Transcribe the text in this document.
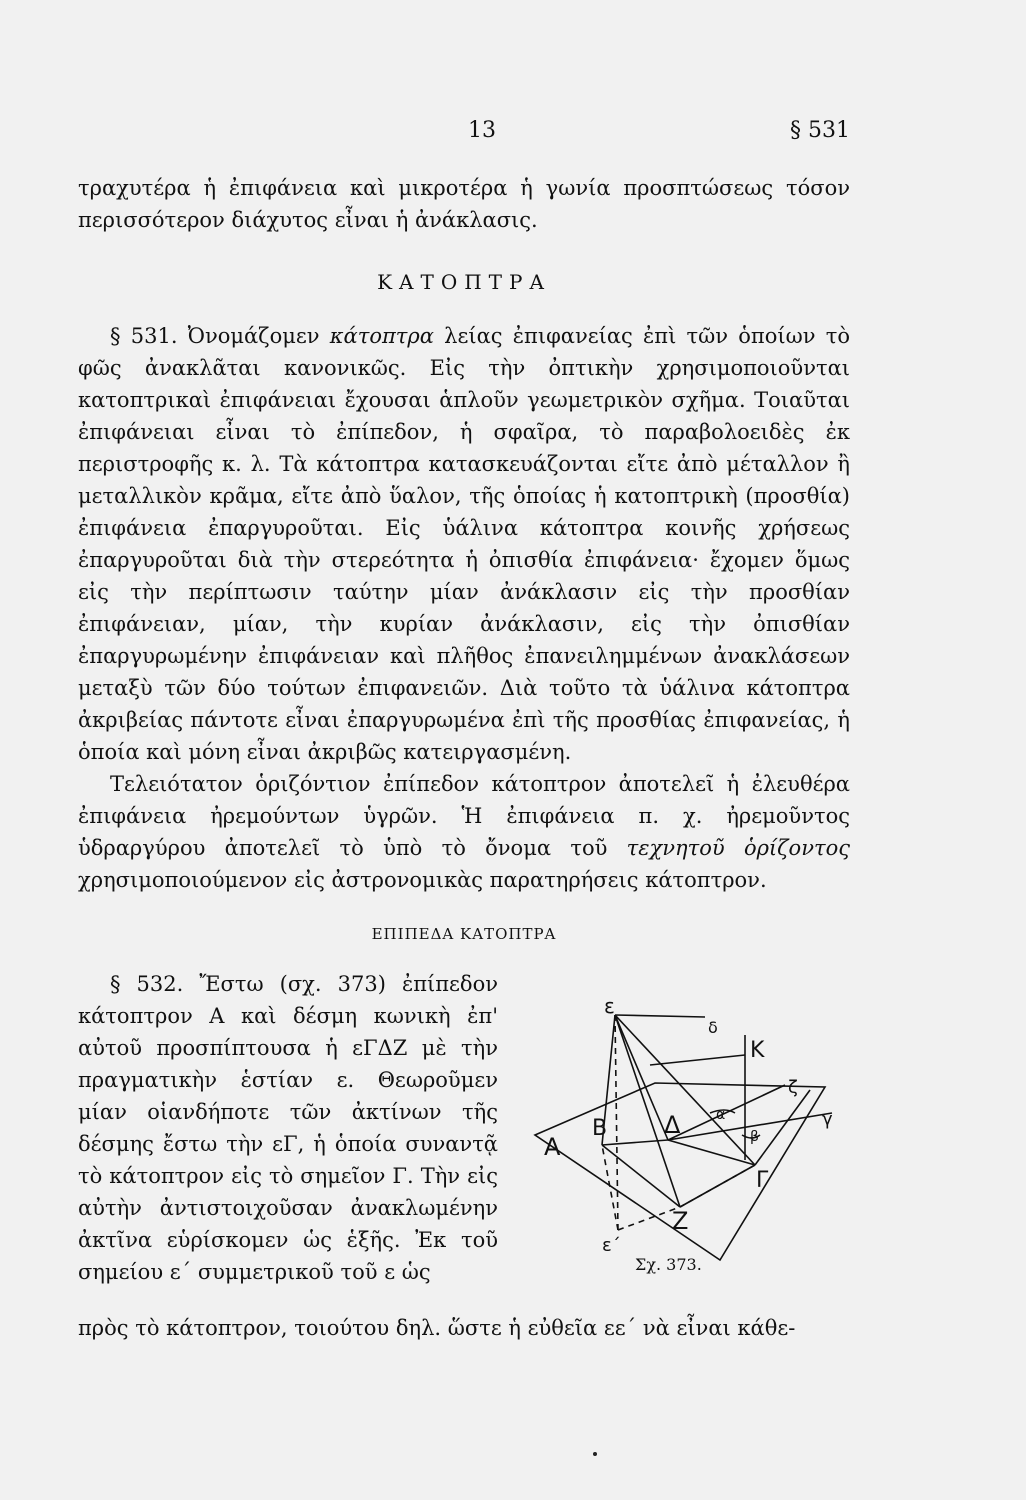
13	§ 531

τραχυτέρα ἡ ἐπιφάνεια καὶ μικροτέρα ἡ γωνία προσπτώσεως τόσον περισσότερον διάχυτος εἶναι ἡ ἀνάκλασις.

ΚΑΤΟΠΤΡΑ

§ 531. Ὀνομάζομεν κάτοπτρα λείας ἐπιφανείας ἐπὶ τῶν ὁποίων τὸ φῶς ἀνακλᾶται κανονικῶς. Εἰς τὴν ὀπτικὴν χρησιμοποιοῦνται κατοπτρικαὶ ἐπιφάνειαι ἔχουσαι ἁπλοῦν γεωμετρικὸν σχῆμα. Τοιαῦται ἐπιφάνειαι εἶναι τὸ ἐπίπεδον, ἡ σφαῖρα, τὸ παραβολοειδὲς ἐκ περιστροφῆς κ. λ. Τὰ κάτοπτρα κατασκευάζονται εἴτε ἀπὸ μέταλλον ἢ μεταλλικὸν κρᾶμα, εἴτε ἀπὸ ὕαλον, τῆς ὁποίας ἡ κατοπτρικὴ (προσθία) ἐπιφάνεια ἐπαργυροῦται. Εἰς ὑάλινα κάτοπτρα κοινῆς χρήσεως ἐπαργυροῦται διὰ τὴν στερεότητα ἡ ὀπισθία ἐπιφάνεια· ἔχομεν ὅμως εἰς τὴν περίπτωσιν ταύτην μίαν ἀνάκλασιν εἰς τὴν προσθίαν ἐπιφάνειαν, μίαν, τὴν κυρίαν ἀνάκλασιν, εἰς τὴν ὀπισθίαν ἐπαργυρωμένην ἐπιφάνειαν καὶ πλῆθος ἐπανειλημμένων ἀνακλάσεων μεταξὺ τῶν δύο τούτων ἐπιφανειῶν. Διὰ τοῦτο τὰ ὑάλινα κάτοπτρα ἀκριβείας πάντοτε εἶναι ἐπαργυρωμένα ἐπὶ τῆς προσθίας ἐπιφανείας, ἡ ὁποία καὶ μόνη εἶναι ἀκριβῶς κατειργασμένη.

Τελειότατον ὁριζόντιον ἐπίπεδον κάτοπτρον ἀποτελεῖ ἡ ἐλευθέρα ἐπιφάνεια ἠρεμούντων ὑγρῶν. Ἡ ἐπιφάνεια π. χ. ἠρεμοῦντος ὑδραργύρου ἀποτελεῖ τὸ ὑπὸ τὸ ὄνομα τοῦ τεχνητοῦ ὁρίζοντος χρησιμοποιούμενον εἰς ἀστρονομικὰς παρατηρήσεις κάτοπτρον.

ΕΠΙΠΕΔΑ ΚΑΤΟΠΤΡΑ

§ 532. Ἔστω (σχ. 373) ἐπίπεδον κάτοπτρον Α καὶ δέσμη κωνικὴ ἐπ' αὐτοῦ προσπίπτουσα ἡ εΓΔΖ μὲ τὴν πραγματικὴν ἑστίαν ε. Θεωροῦμεν μίαν οἱανδήποτε τῶν ἀκτίνων τῆς δέσμης ἔστω τὴν εΓ, ἡ ὁποία συναντᾷ τὸ κάτοπτρον εἰς τὸ σημεῖον Γ. Τὴν εἰς αὐτὴν ἀντιστοιχοῦσαν ἀνακλωμένην ἀκτῖνα εὑρίσκομεν ὡς ἑξῆς. Ἐκ τοῦ σημείου ε΄ συμμετρικοῦ τοῦ ε ὡς

ε
δ
K
ζ
γ
B Δ	α
β
A
Γ
Z
ε΄
Σχ. 373.
πρὸς τὸ κάτοπτρον, τοιούτου δηλ. ὥστε ἡ εὐθεῖα εε΄ νὰ εἶναι κάθε-
